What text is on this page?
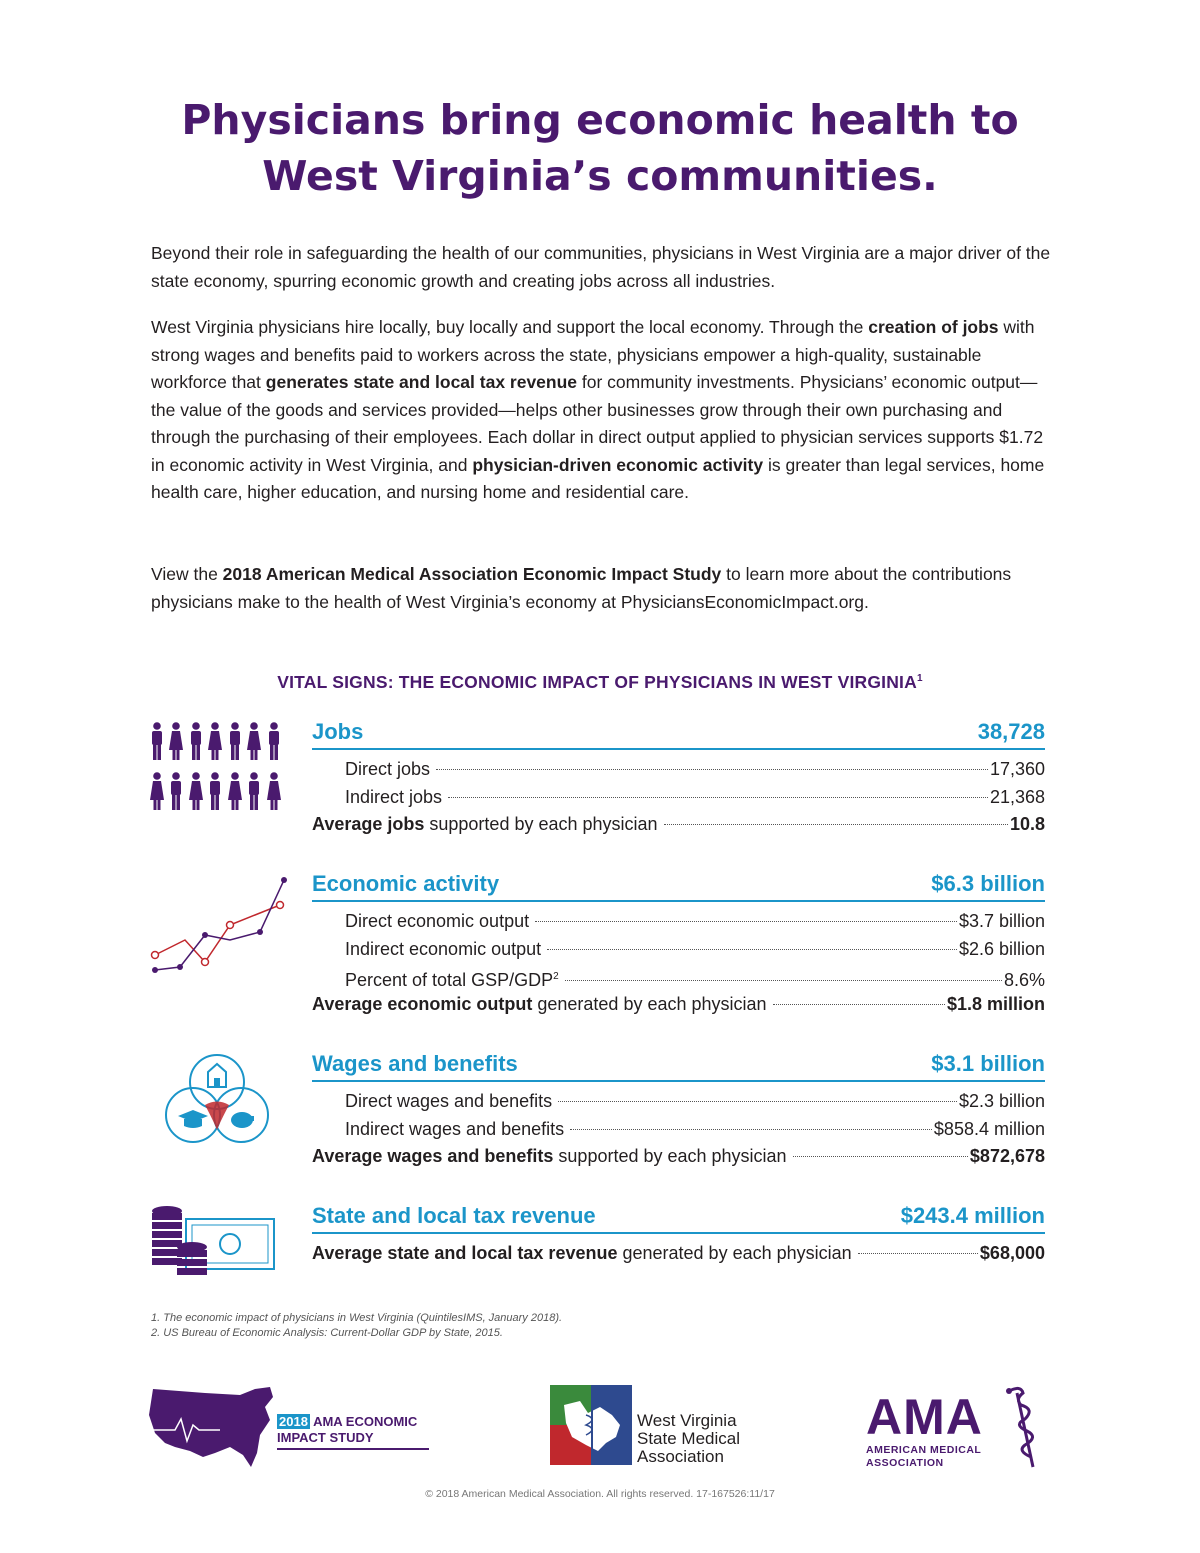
Physicians bring economic health to
West Virginia’s communities.

Beyond their role in safeguarding the health of our communities, physicians in West Virginia are a major driver of the state economy, spurring economic growth and creating jobs across all industries.

West Virginia physicians hire locally, buy locally and support the local economy. Through the creation of jobs with strong wages and benefits paid to workers across the state, physicians empower a high-quality, sustainable workforce that generates state and local tax revenue for community investments. Physicians’ economic output—the value of the goods and services provided—helps other businesses grow through their own purchasing and through the purchasing of their employees. Each dollar in direct output applied to physician services supports $1.72 in economic activity in West Virginia, and physician-driven economic activity is greater than legal services, home health care, higher education, and nursing home and residential care.

View the 2018 American Medical Association Economic Impact Study to learn more about the contributions physicians make to the health of West Virginia’s economy at PhysiciansEconomicImpact.org.

VITAL SIGNS: THE ECONOMIC IMPACT OF PHYSICIANS IN WEST VIRGINIA$^1$
Jobs	38,728
Direct jobs	17,360
Indirect jobs	21,368
Average jobs supported by each physician	10.8
Economic activity	$6.3 billion
Direct economic output	$3.7 billion
Indirect economic output	$2.6 billion
Percent of total GSP/GDP$^2$	8.6%
Average economic output generated by each physician	$1.8 million
Wages and benefits	$3.1 billion
Direct wages and benefits	$2.3 billion
Indirect wages and benefits	$858.4 million
Average wages and benefits supported by each physician	$872,678
State and local tax revenue	$243.4 million
Average state and local tax revenue generated by each physician	$68,000
1. The economic impact of physicians in West Virginia (QuintilesIMS, January 2018).
2. US Bureau of Economic Analysis: Current-Dollar GDP by State, 2015.
2018 AMA ECONOMIC
IMPACT STUDY
West Virginia
State Medical
Association
AMA
AMERICAN MEDICAL
ASSOCIATION
© 2018 American Medical Association. All rights reserved. 17-167526:11/17
